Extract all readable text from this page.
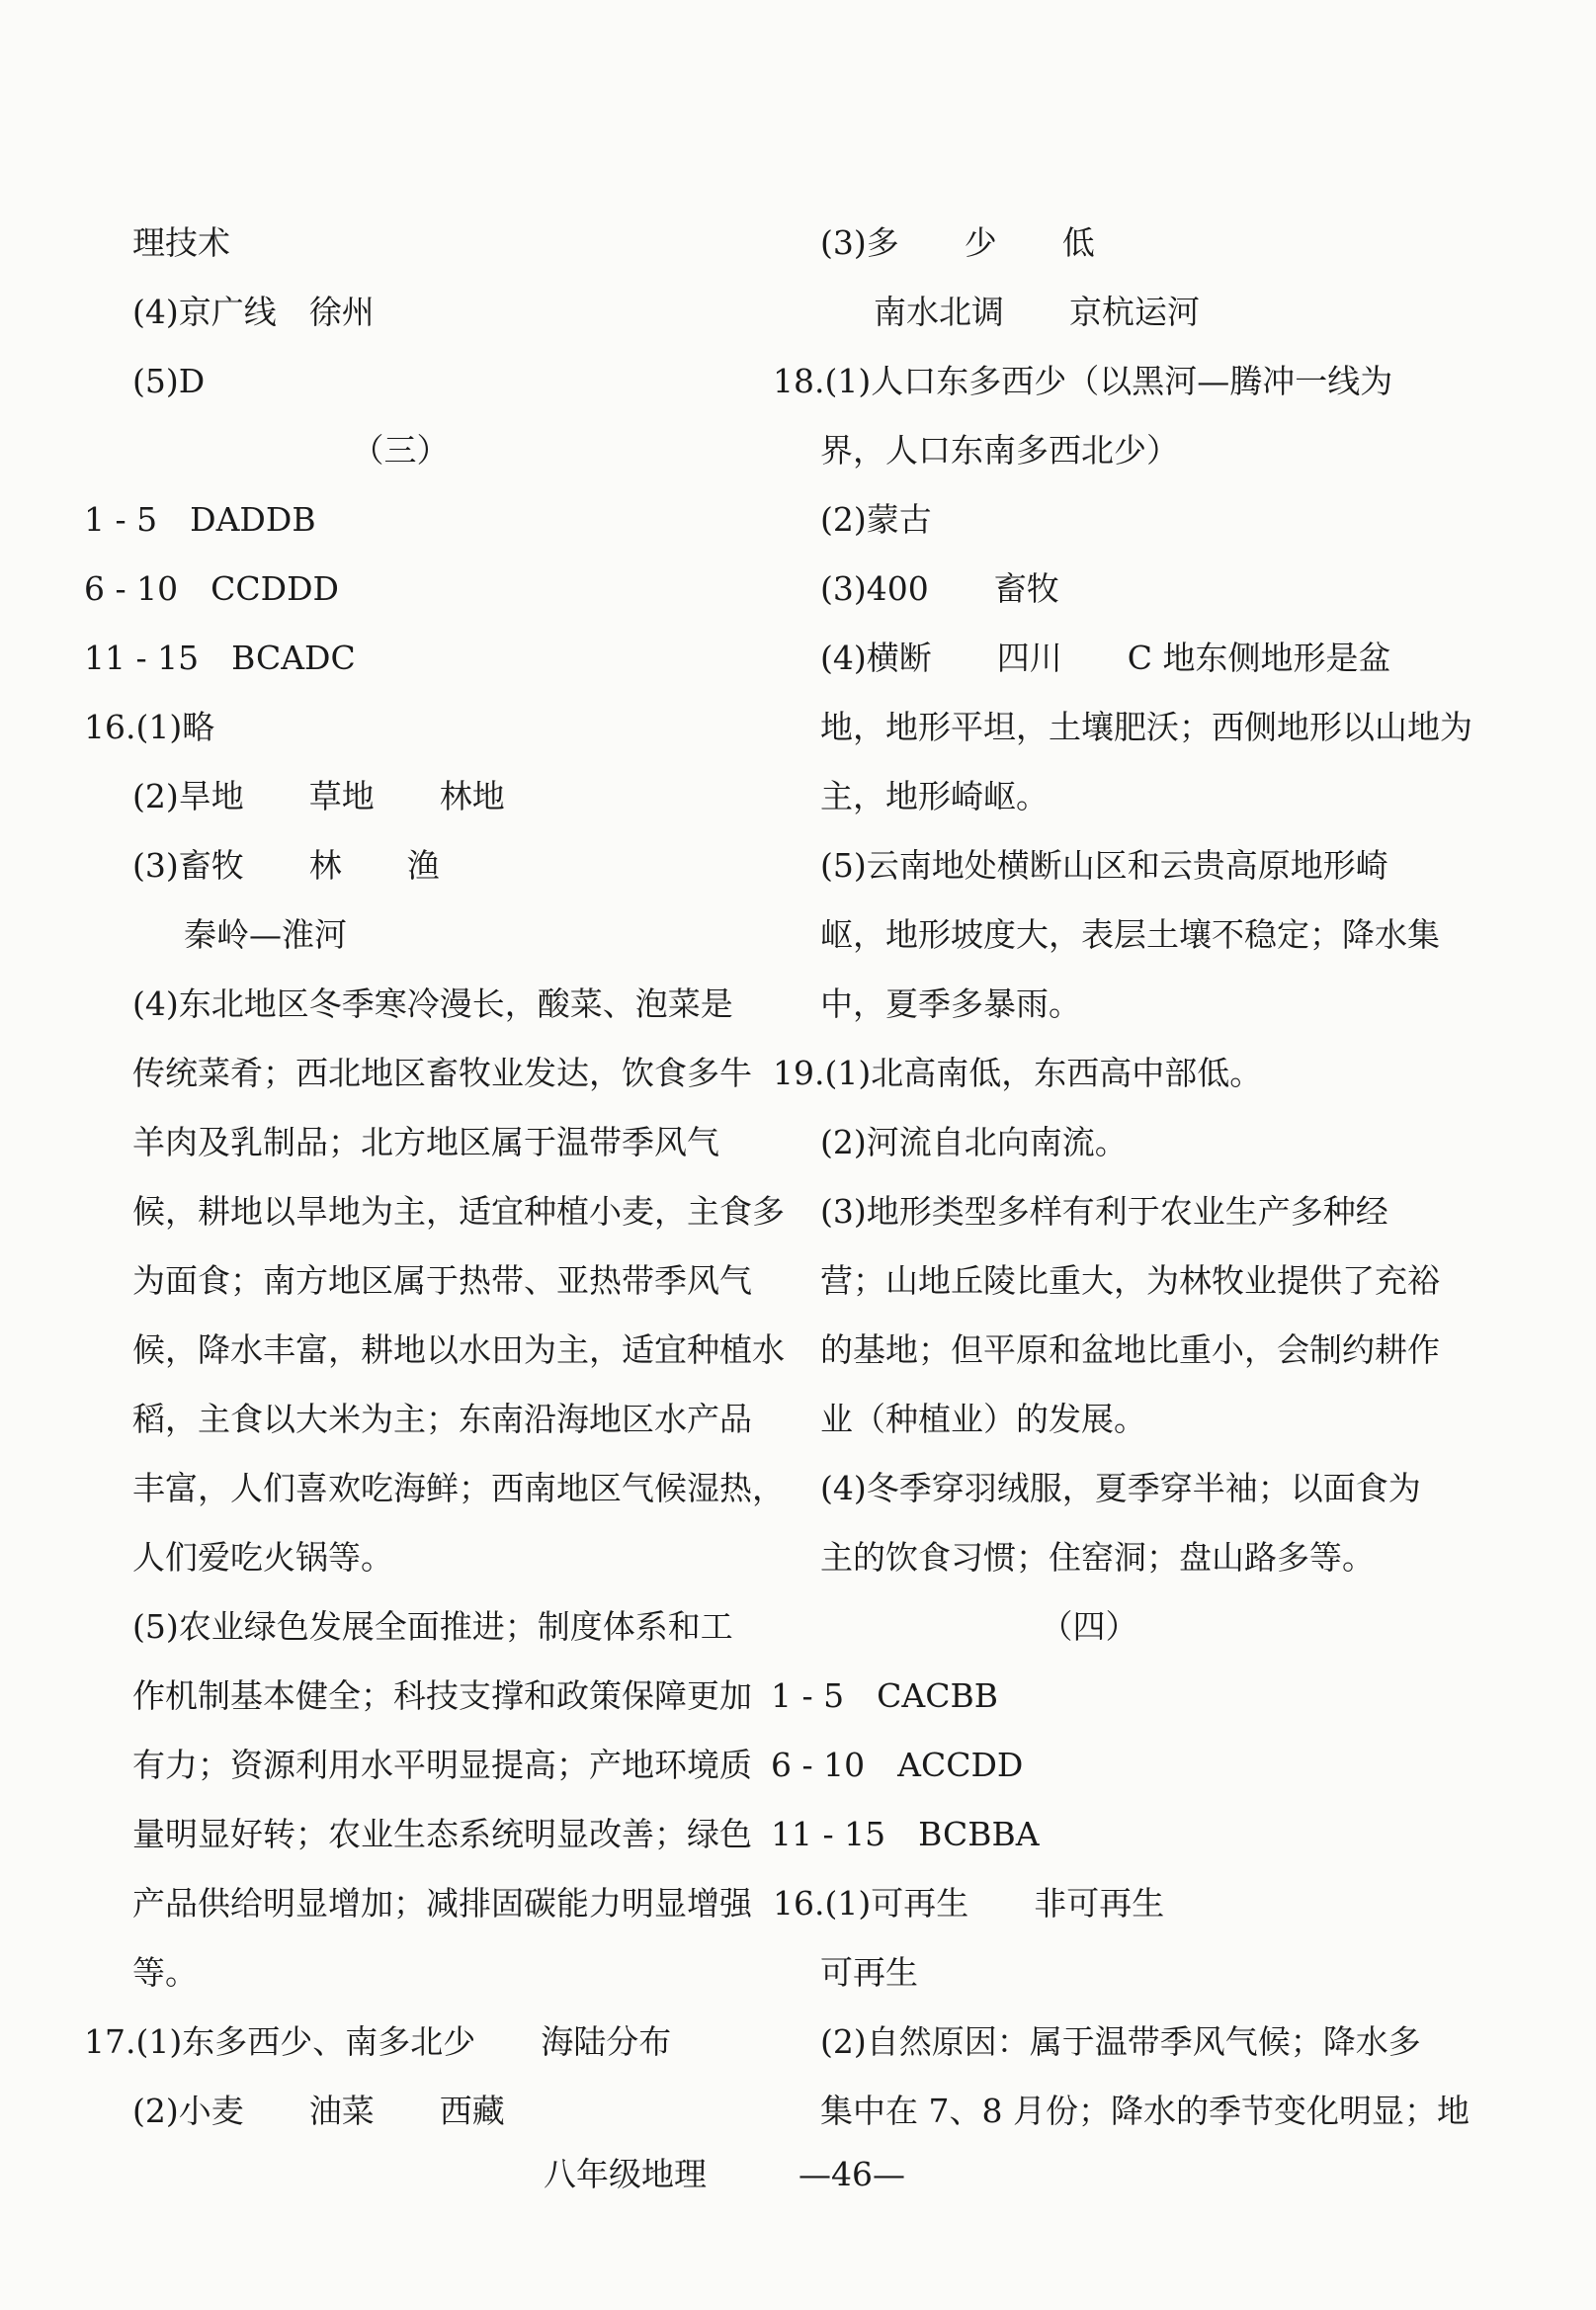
理技术
(4)京广线　徐州
(5)D
（三）
1 - 5　DADDB
6 - 10　CCDDD
11 - 15　BCADC
16.(1)略
(2)旱地　　草地　　林地
(3)畜牧　　林　　渔
秦岭—淮河
(4)东北地区冬季寒冷漫长，酸菜、泡菜是
传统菜肴；西北地区畜牧业发达，饮食多牛
羊肉及乳制品；北方地区属于温带季风气
候，耕地以旱地为主，适宜种植小麦，主食多
为面食；南方地区属于热带、亚热带季风气
候，降水丰富，耕地以水田为主，适宜种植水
稻，主食以大米为主；东南沿海地区水产品
丰富，人们喜欢吃海鲜；西南地区气候湿热，
人们爱吃火锅等。
(5)农业绿色发展全面推进；制度体系和工
作机制基本健全；科技支撑和政策保障更加
有力；资源利用水平明显提高；产地环境质
量明显好转；农业生态系统明显改善；绿色
产品供给明显增加；减排固碳能力明显增强
等。
17.(1)东多西少、南多北少　　海陆分布
(2)小麦　　油菜　　西藏
(3)多　　少　　低
南水北调　　京杭运河
18.(1)人口东多西少（以黑河—腾冲一线为
界，人口东南多西北少）
(2)蒙古
(3)400　　畜牧
(4)横断　　四川　　C 地东侧地形是盆
地，地形平坦，土壤肥沃；西侧地形以山地为
主，地形崎岖。
(5)云南地处横断山区和云贵高原地形崎
岖，地形坡度大，表层土壤不稳定；降水集
中，夏季多暴雨。
19.(1)北高南低，东西高中部低。
(2)河流自北向南流。
(3)地形类型多样有利于农业生产多种经
营；山地丘陵比重大，为林牧业提供了充裕
的基地；但平原和盆地比重小，会制约耕作
业（种植业）的发展。
(4)冬季穿羽绒服，夏季穿半袖；以面食为
主的饮食习惯；住窑洞；盘山路多等。
（四）
1 - 5　CACBB
6 - 10　ACCDD
11 - 15　BCBBA
16.(1)可再生　　非可再生
可再生
(2)自然原因：属于温带季风气候；降水多
集中在 7、8 月份；降水的季节变化明显；地
八年级地理	—46—
